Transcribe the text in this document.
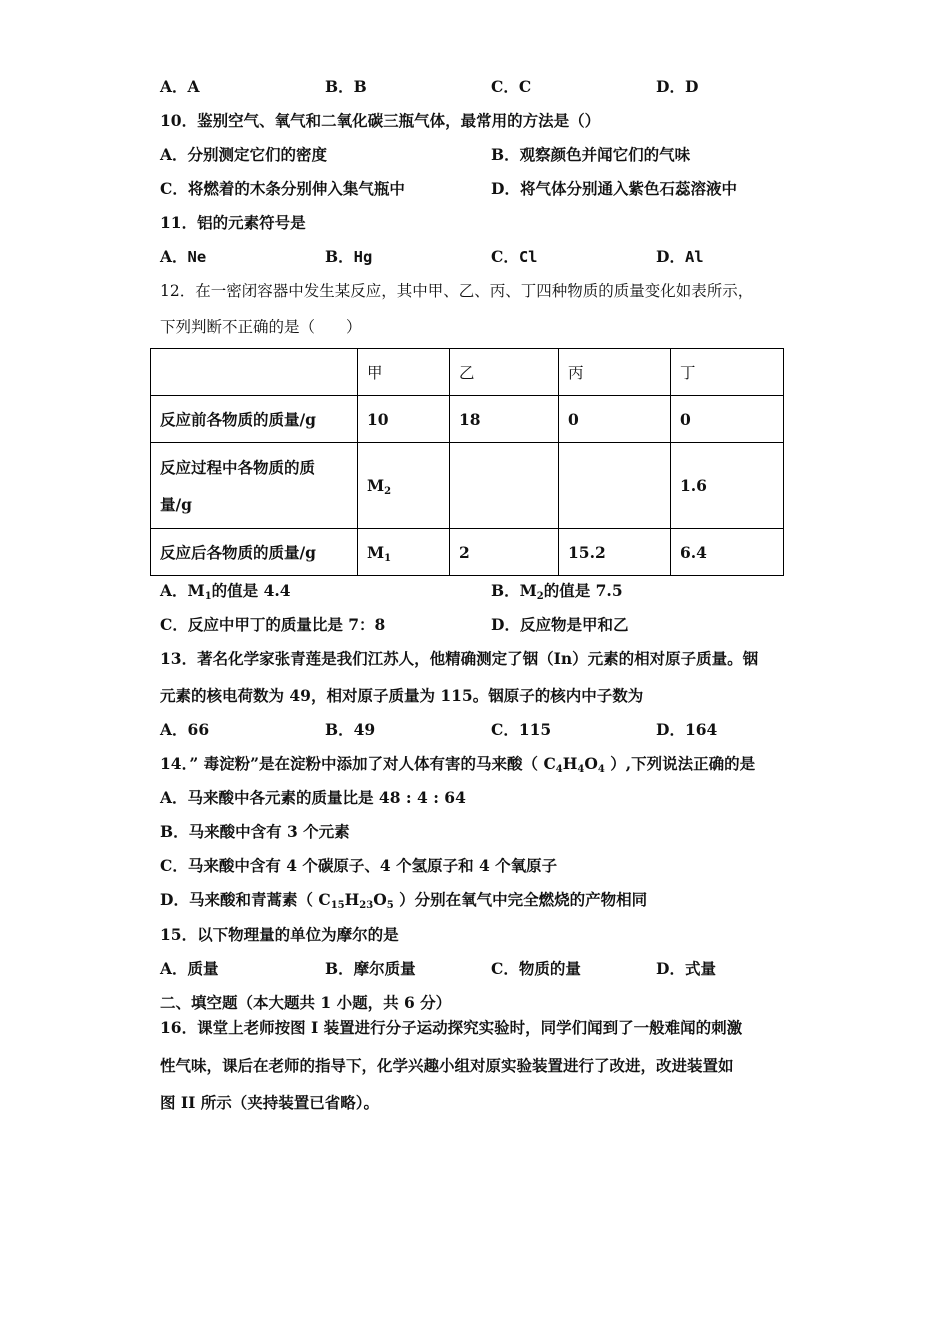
A．A	B．B	C．C	D．D
10．鉴别空气、氧气和二氧化碳三瓶气体，最常用的方法是（）
A．分别测定它们的密度	B．观察颜色并闻它们的气味
C．将燃着的木条分别伸入集气瓶中	D．将气体分别通入紫色石蕊溶液中
11．铝的元素符号是
A．Ne	B．Hg	C．Cl	D．Al
12．在一密闭容器中发生某反应，其中甲、乙、丙、丁四种物质的质量变化如表所示，
下列判断不正确的是（　　）
	甲	乙	丙	丁
反应前各物质的质量/g	10	18	0	0
反应过程中各物质的质
量/g	M2			1.6
反应后各物质的质量/g	M1	2	15.2	6.4
A．M1的值是 4.4	B．M2的值是 7.5
C．反应中甲丁的质量比是 7：8	D．反应物是甲和乙
13．著名化学家张青莲是我们江苏人，他精确测定了铟（In）元素的相对原子质量。铟
元素的核电荷数为 49，相对原子质量为 115。铟原子的核内中子数为
A．66	B．49	C．115	D．164
14．” 毒淀粉”是在淀粉中添加了对人体有害的马来酸（ C4H4O4 ）,下列说法正确的是
A．马来酸中各元素的质量比是 48 : 4 : 64
B．马来酸中含有 3 个元素
C．马来酸中含有 4 个碳原子、4 个氢原子和 4 个氧原子
D．马来酸和青蒿素（ C15H23O5 ）分别在氧气中完全燃烧的产物相同
15．以下物理量的单位为摩尔的是
A．质量	B．摩尔质量	C．物质的量	D．式量
二、填空题（本大题共 1 小题，共 6 分）
16．课堂上老师按图 I 装置进行分子运动探究实验时，同学们闻到了一般难闻的刺激
性气味，课后在老师的指导下，化学兴趣小组对原实验装置进行了改进，改进装置如
图 II 所示（夹持装置已省略）。
